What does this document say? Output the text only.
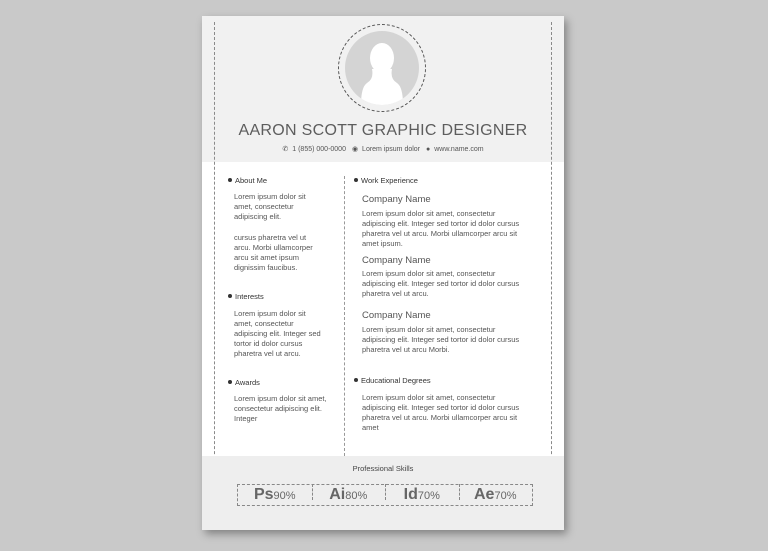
AARON SCOTT GRAPHIC DESIGNER
✆ 1 (855) 000-0000 ◉ Lorem ipsum dolor ● www.name.com
About Me
Lorem ipsum dolor sit
amet, consectetur
adipiscing elit.
cursus pharetra vel ut
arcu. Morbi ullamcorper
arcu sit amet ipsum
dignissim faucibus.
Interests
Lorem ipsum dolor sit
amet, consectetur
adipiscing elit. Integer sed
tortor id dolor cursus
pharetra vel ut arcu.
Awards
Lorem ipsum dolor sit amet,
consectetur adipiscing elit.
Integer
Work Experience
Company Name
Lorem ipsum dolor sit amet, consectetur
adipiscing elit. Integer sed tortor id dolor cursus
pharetra vel ut arcu. Morbi ullamcorper arcu sit
amet ipsum.
Company Name
Lorem ipsum dolor sit amet, consectetur
adipiscing elit. Integer sed tortor id dolor cursus
pharetra vel ut arcu.
Company Name
Lorem ipsum dolor sit amet, consectetur
adipiscing elit. Integer sed tortor id dolor cursus
pharetra vel ut arcu Morbi.
Educational Degrees
Lorem ipsum dolor sit amet, consectetur
adipiscing elit. Integer sed tortor id dolor cursus
pharetra vel ut arcu. Morbi ullamcorper arcu sit
amet
Professional Skills
Ps90%	Ai80%	Id70%	Ae70%
